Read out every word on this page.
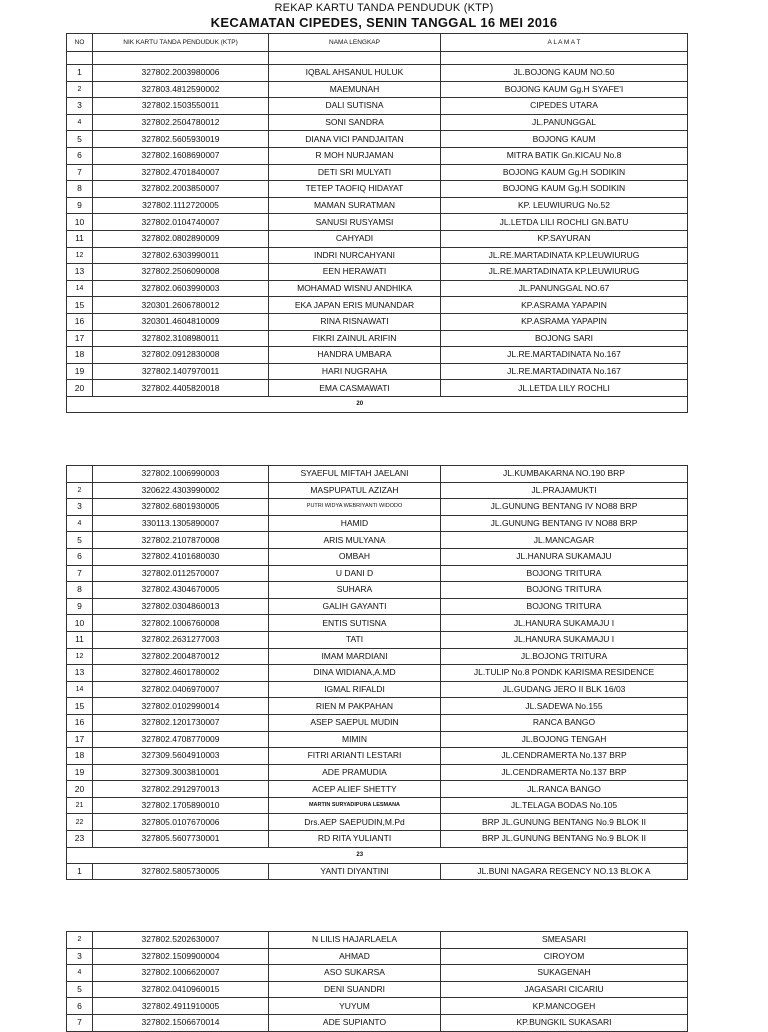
REKAP KARTU TANDA PENDUDUK (KTP)
KECAMATAN CIPEDES, SENIN TANGGAL 16 MEI 2016
NO	NIK KARTU TANDA PENDUDUK (KTP)	NAMA LENGKAP	A L A M A T

1	327802.2003980006	IQBAL AHSANUL HULUK	JL.BOJONG KAUM NO.50
2	327803.4812590002	MAEMUNAH	BOJONG KAUM Gg.H SYAFE'I
3	327802.1503550011	DALI SUTISNA	CIPEDES UTARA
4	327802.2504780012	SONI SANDRA	JL.PANUNGGAL
5	327802.5605930019	DIANA VICI PANDJAITAN	BOJONG KAUM
6	327802.1608690007	R MOH NURJAMAN	MITRA BATIK Gn.KICAU No.8
7	327802.4701840007	DETI SRI MULYATI	BOJONG KAUM Gg.H SODIKIN
8	327802.2003850007	TETEP TAOFIQ HIDAYAT	BOJONG KAUM Gg.H SODIKIN
9	327802.1112720005	MAMAN SURATMAN	KP. LEUWIURUG No.52
10	327802.0104740007	SANUSI RUSYAMSI	JL.LETDA LILI ROCHLI GN.BATU
11	327802.0802890009	CAHYADI	KP.SAYURAN
12	327802.6303990011	INDRI NURCAHYANI	JL.RE.MARTADINATA KP.LEUWIURUG
13	327802.2506090008	EEN HERAWATI	JL.RE.MARTADINATA KP.LEUWIURUG
14	327802.0603990003	MOHAMAD WISNU ANDHIKA	JL.PANUNGGAL NO.67
15	320301.2606780012	EKA JAPAN ERIS MUNANDAR	KP.ASRAMA YAPAPIN
16	320301.4604810009	RINA RISNAWATI	KP.ASRAMA YAPAPIN
17	327802.3108980011	FIKRI ZAINUL ARIFIN	BOJONG SARI
18	327802.0912830008	HANDRA UMBARA	JL.RE.MARTADINATA No.167
19	327802.1407970011	HARI NUGRAHA	JL.RE.MARTADINATA No.167
20	327802.4405820018	EMA CASMAWATI	JL.LETDA LILY ROCHLI
	20		
	327802.1006990003	SYAEFUL MIFTAH JAELANI	JL.KUMBAKARNA NO.190 BRP
2	320622.4303990002	MASPUPATUL AZIZAH	JL.PRAJAMUKTI
3	327802.6801930005	PUTRI WIDYA WEBRIYANTI WIDODO	JL.GUNUNG BENTANG IV NO88 BRP
4	330113.1305890007	HAMID	JL.GUNUNG BENTANG IV NO88 BRP
5	327802.2107870008	ARIS MULYANA	JL.MANCAGAR
6	327802.4101680030	OMBAH	JL.HANURA SUKAMAJU
7	327802.0112570007	U DANI D	BOJONG TRITURA
8	327802.4304670005	SUHARA	BOJONG TRITURA
9	327802.0304860013	GALIH GAYANTI	BOJONG TRITURA
10	327802.1006760008	ENTIS SUTISNA	JL.HANURA SUKAMAJU I
11	327802.2631277003	TATI	JL.HANURA SUKAMAJU I
12	327802.2004870012	IMAM MARDIANI	JL.BOJONG TRITURA
13	327802.4601780002	DINA WIDIANA,A.MD	JL.TULIP No.8 PONDK KARISMA RESIDENCE
14	327802.0406970007	IGMAL RIFALDI	JL.GUDANG JERO II BLK 16/03
15	327802.0102990014	RIEN M PAKPAHAN	JL.SADEWA No.155
16	327802.1201730007	ASEP SAEPUL MUDIN	RANCA BANGO
17	327802.4708770009	MIMIN	JL.BOJONG TENGAH
18	327309.5604910003	FITRI ARIANTI LESTARI	JL.CENDRAMERTA No.137 BRP
19	327309.3003810001	ADE PRAMUDIA	JL.CENDRAMERTA No.137 BRP
20	327802.2912970013	ACEP ALIEF SHETTY	JL.RANCA BANGO
21	327802.1705890010	MARTIN SURYADIPURA LESMANA	JL.TELAGA BODAS No.105
22	327805.0107670006	Drs.AEP SAEPUDIN,M.Pd	BRP JL.GUNUNG BENTANG No.9 BLOK II
23	327805.5607730001	RD RITA YULIANTI	BRP JL.GUNUNG BENTANG No.9 BLOK II
	23		
1	327802.5805730005	YANTI DIYANTINI	JL.BUNI NAGARA REGENCY NO.13 BLOK A
2	327802.5202630007	N LILIS HAJARLAELA	SMEASARI
3	327802.1509900004	AHMAD	CIROYOM
4	327802.1006620007	ASO SUKARSA	SUKAGENAH
5	327802.0410960015	DENI SUANDRI	JAGASARI CICARIU
6	327802.4911910005	YUYUM	KP.MANCOGEH
7	327802.1506670014	ADE SUPIANTO	KP.BUNGKIL SUKASARI
